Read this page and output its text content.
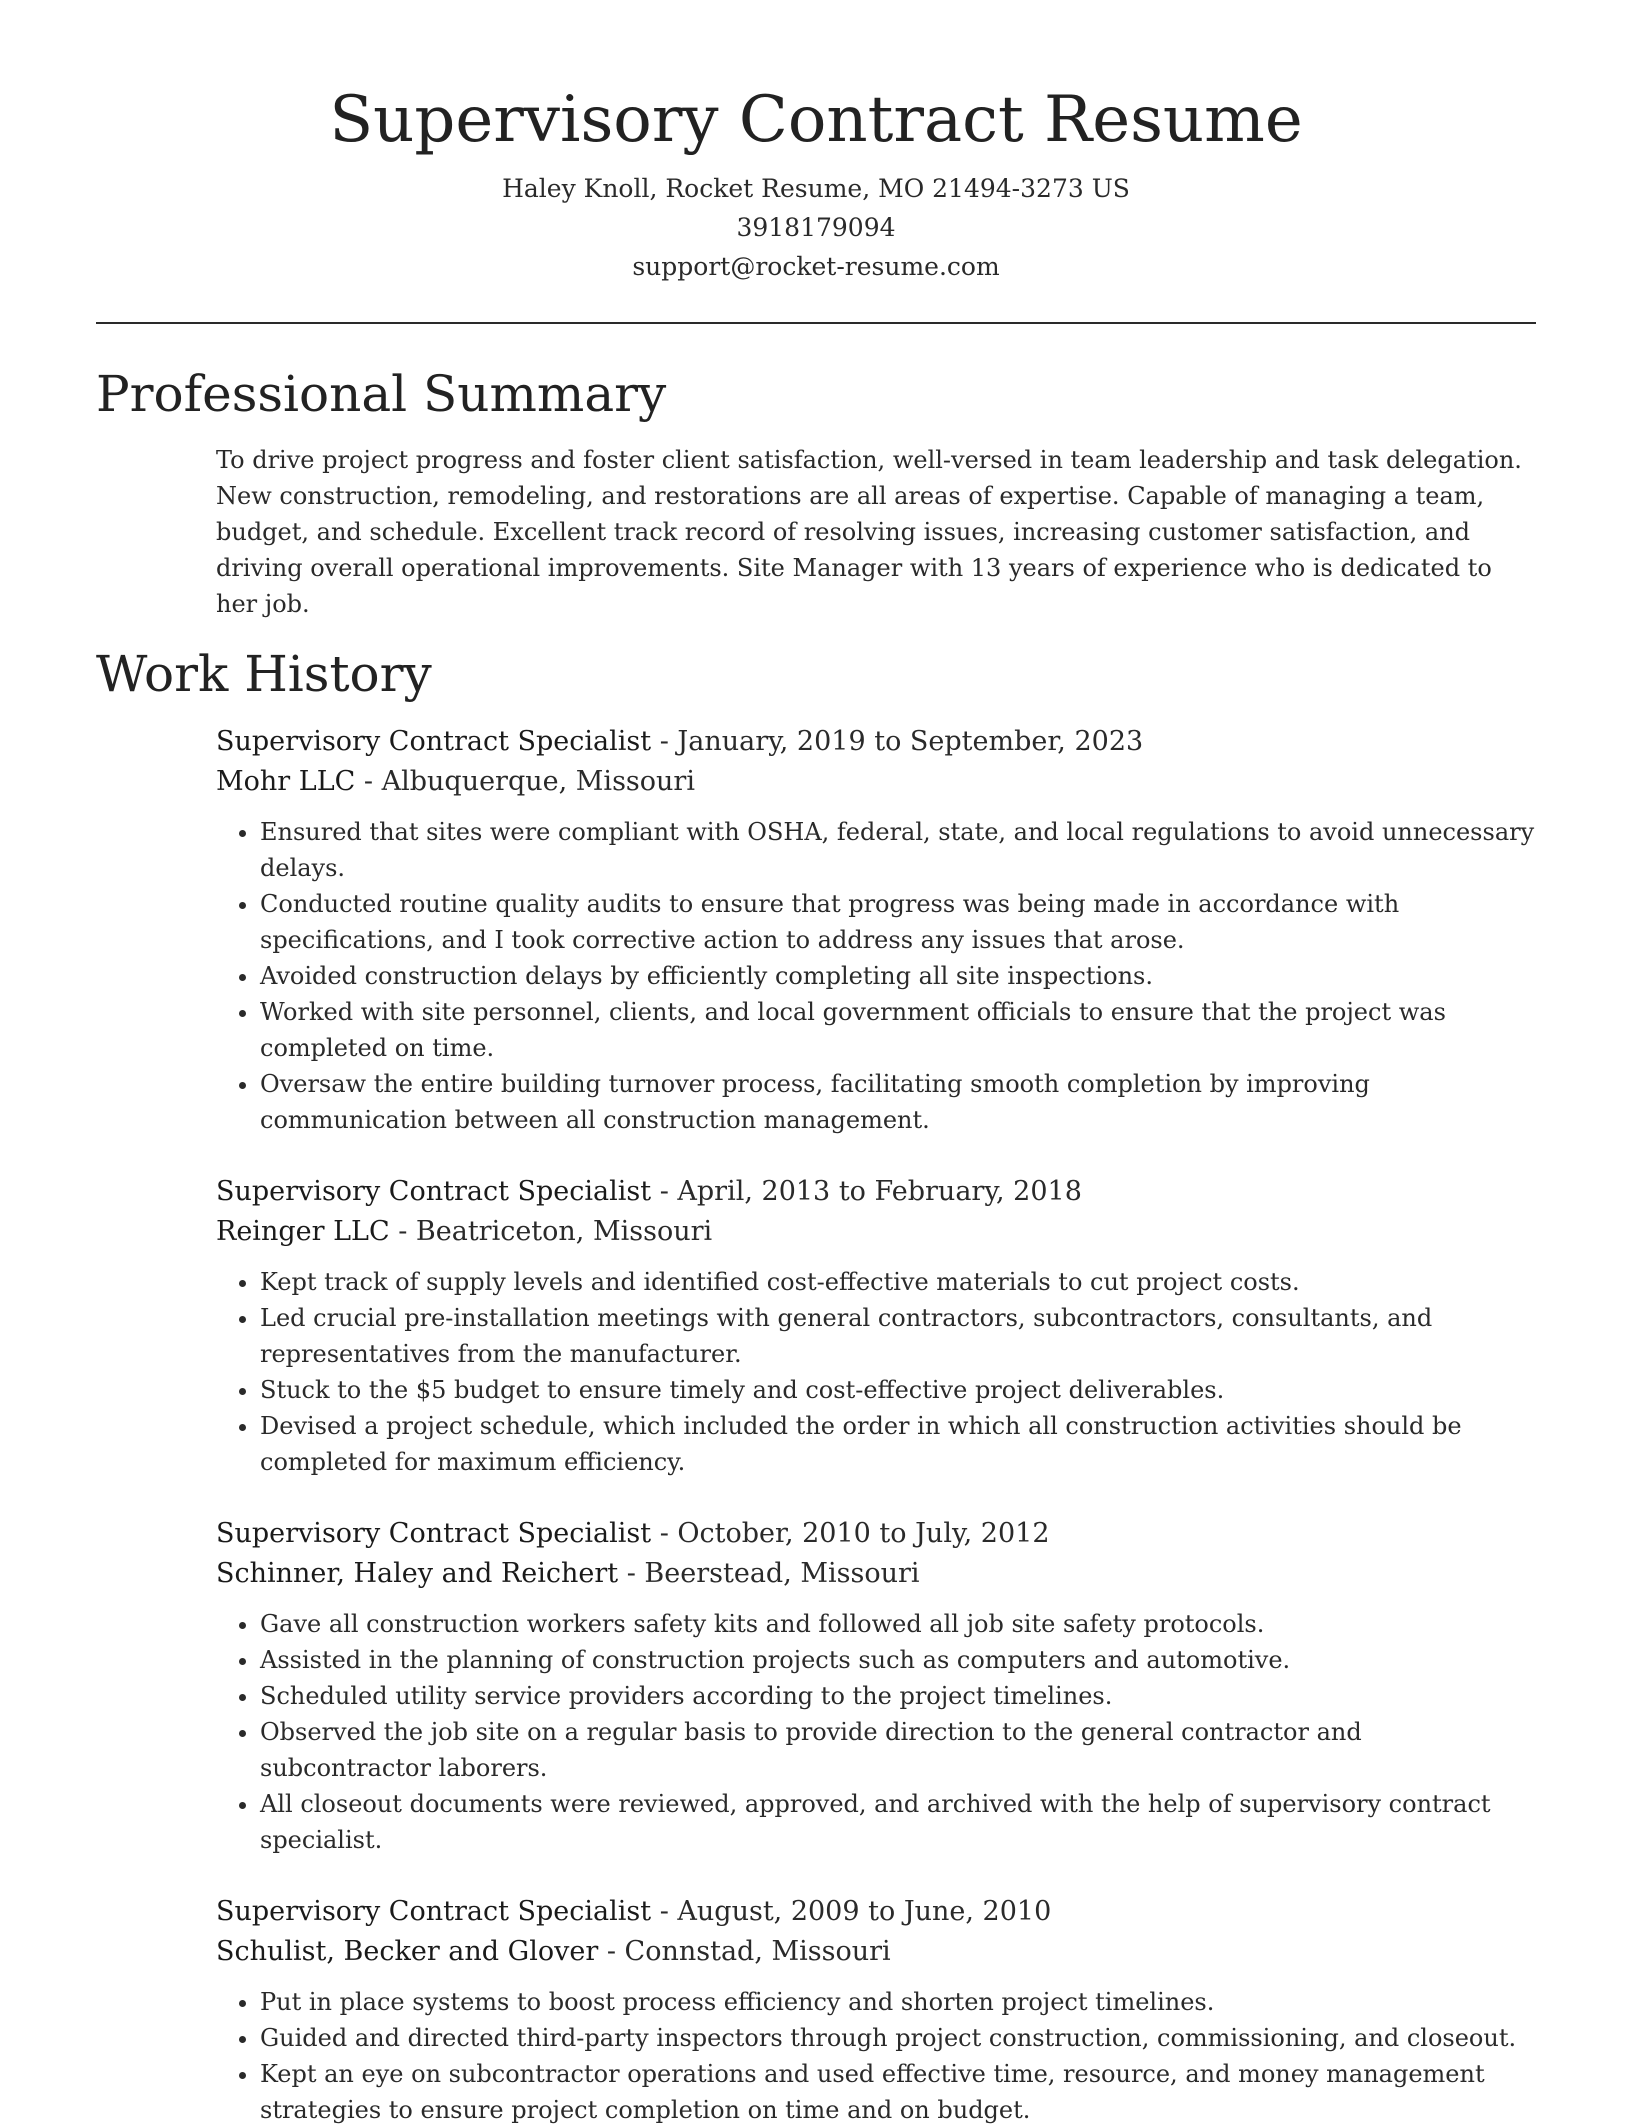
Supervisory Contract Resume
Haley Knoll, Rocket Resume, MO 21494-3273 US
3918179094
support@rocket-resume.com
Professional Summary
To drive project progress and foster client satisfaction, well-versed in team leadership and task delegation. New construction, remodeling, and restorations are all areas of expertise. Capable of managing a team, budget, and schedule. Excellent track record of resolving issues, increasing customer satisfaction, and driving overall operational improvements. Site Manager with 13 years of experience who is dedicated to her job.
Work History
Supervisory Contract Specialist - January, 2019 to September, 2023
Mohr LLC - Albuquerque, Missouri
• Ensured that sites were compliant with OSHA, federal, state, and local regulations to avoid unnecessary delays.
• Conducted routine quality audits to ensure that progress was being made in accordance with specifications, and I took corrective action to address any issues that arose.
• Avoided construction delays by efficiently completing all site inspections.
• Worked with site personnel, clients, and local government officials to ensure that the project was completed on time.
• Oversaw the entire building turnover process, facilitating smooth completion by improving communication between all construction management.
Supervisory Contract Specialist - April, 2013 to February, 2018
Reinger LLC - Beatriceton, Missouri
• Kept track of supply levels and identified cost-effective materials to cut project costs.
• Led crucial pre-installation meetings with general contractors, subcontractors, consultants, and representatives from the manufacturer.
• Stuck to the $5 budget to ensure timely and cost-effective project deliverables.
• Devised a project schedule, which included the order in which all construction activities should be completed for maximum efficiency.
Supervisory Contract Specialist - October, 2010 to July, 2012
Schinner, Haley and Reichert - Beerstead, Missouri
• Gave all construction workers safety kits and followed all job site safety protocols.
• Assisted in the planning of construction projects such as computers and automotive.
• Scheduled utility service providers according to the project timelines.
• Observed the job site on a regular basis to provide direction to the general contractor and subcontractor laborers.
• All closeout documents were reviewed, approved, and archived with the help of supervisory contract specialist.
Supervisory Contract Specialist - August, 2009 to June, 2010
Schulist, Becker and Glover - Connstad, Missouri
• Put in place systems to boost process efficiency and shorten project timelines.
• Guided and directed third-party inspectors through project construction, commissioning, and closeout.
• Kept an eye on subcontractor operations and used effective time, resource, and money management strategies to ensure project completion on time and on budget.
